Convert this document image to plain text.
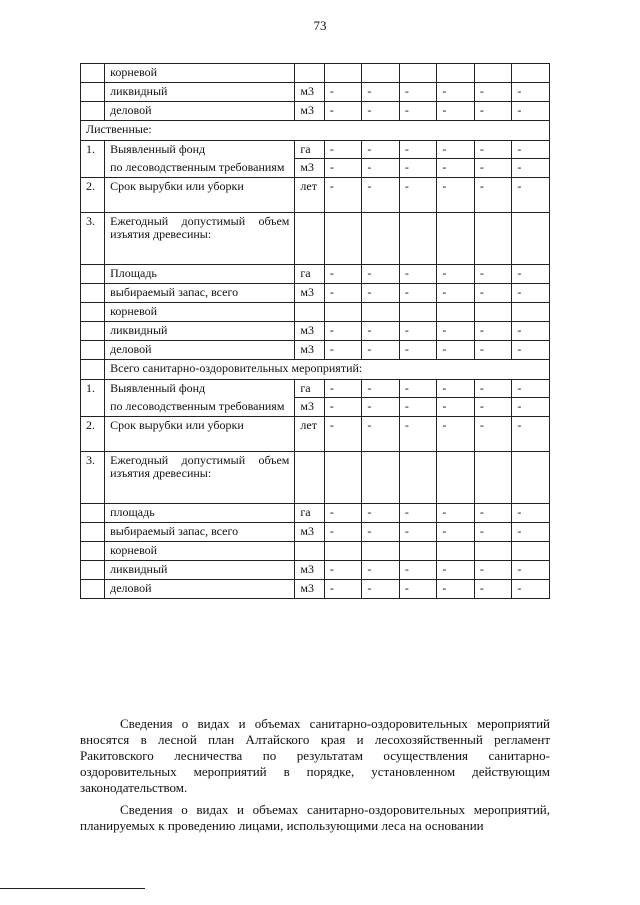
73
	корневой							
	ликвидный	м3	-	-	-	-	-	-
	деловой	м3	-	-	-	-	-	-
Лиственные:								
1.	Выявленный фонд	га	-	-	-	-	-	-
	по лесоводственным требованиям	м3	-	-	-	-	-	-
2.	Срок вырубки или уборки	лет	-	-	-	-	-	-
3.	Ежегодный допустимый объем изъятия древесины:							
	Площадь	га	-	-	-	-	-	-
	выбираемый запас, всего	м3	-	-	-	-	-	-
	корневой							
	ликвидный	м3	-	-	-	-	-	-
	деловой	м3	-	-	-	-	-	-
	Всего санитарно-оздоровительных мероприятий:							
1.	Выявленный фонд	га	-	-	-	-	-	-
	по лесоводственным требованиям	м3	-	-	-	-	-	-
2.	Срок вырубки или уборки	лет	-	-	-	-	-	-
3.	Ежегодный допустимый объем изъятия древесины:							
	площадь	га	-	-	-	-	-	-
	выбираемый запас, всего	м3	-	-	-	-	-	-
	корневой							
	ликвидный	м3	-	-	-	-	-	-
	деловой	м3	-	-	-	-	-	-

Сведения о видах и объемах санитарно-оздоровительных мероприятий вносятся в лесной план Алтайского края и лесохозяйственный регламент Ракитовского лесничества по результатам осуществления санитарно-оздоровительных мероприятий в порядке, установленном действующим законодательством.

Сведения о видах и объемах санитарно-оздоровительных мероприятий, планируемых к проведению лицами, использующими леса на основании
